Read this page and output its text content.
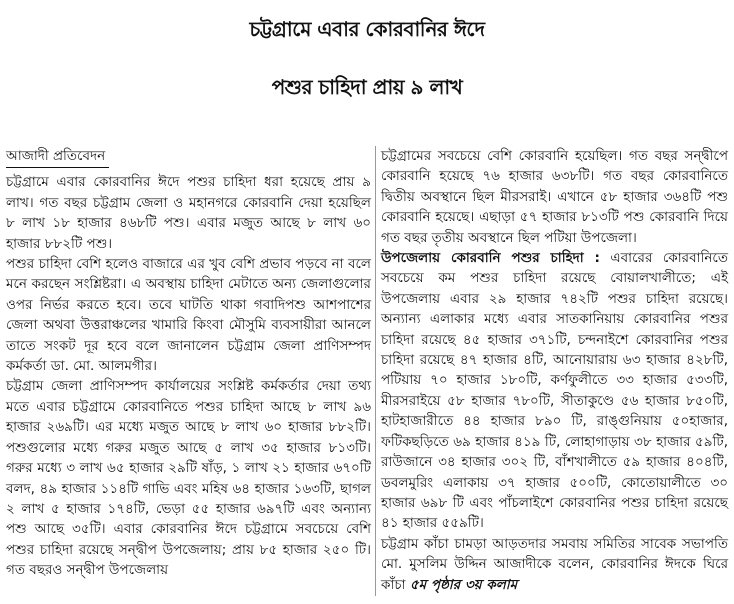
চট্টগ্রামে এবার কোরবানির ঈদে
পশুর চাহিদা প্রায় ৯ লাখ
আজাদী প্রতিবেদন

চট্টগ্রামে এবার কোরবানির ঈদে পশুর চাহিদা ধরা হয়েছে প্রায় ৯ লাখ। গত বছর চট্টগ্রাম জেলা ও মহানগরে কোরবানি দেয়া হয়েছিল ৮ লাখ ১৮ হাজার ৪৬৮টি পশু। এবার মজুত আছে ৮ লাখ ৬০ হাজার ৮৮২টি পশু।

পশুর চাহিদা বেশি হলেও বাজারে এর খুব বেশি প্রভাব পড়বে না বলে মনে করছেন সংশ্লিষ্টরা। এ অবস্থায় চাহিদা মেটাতে অন্য জেলাগুলোর ওপর নির্ভর করতে হবে। তবে ঘাটতি থাকা গবাদিপশু আশপাশের জেলা অথবা উত্তরাঞ্চলের খামারি কিংবা মৌসুমি ব্যবসায়ীরা আনলে তাতে সংকট দূর হবে বলে জানালেন চট্টগ্রাম জেলা প্রাণিসম্পদ কর্মকর্তা ডা. মো. আলমগীর।

চট্টগ্রাম জেলা প্রাণিসম্পদ কার্যালয়ের সংশ্লিষ্ট কর্মকর্তার দেয়া তথ্য মতে এবার চট্টগ্রামে কোরবানিতে পশুর চাহিদা আছে ৮ লাখ ৯৬ হাজার ২৬৯টি। এর মধ্যে মজুত আছে ৮ লাখ ৬০ হাজার ৮৮২টি। পশুগুলোর মধ্যে গরুর মজুত আছে ৫ লাখ ৩৫ হাজার ৮১৩টি। গরুর মধ্যে ৩ লাখ ৬৫ হাজার ২৯টি ষাঁড়, ১ লাখ ২১ হাজার ৬৭০টি বলদ, ৪৯ হাজার ১১৪টি গাভি এবং মহিষ ৬৪ হাজার ১৬৩টি, ছাগল ২ লাখ ৫ হাজার ১৭৪টি, ভেড়া ৫৫ হাজার ৬৯৭টি এবং অন্যান্য পশু আছে ৩৫টি। এবার কোরবানির ঈদে চট্টগ্রামে সবচেয়ে বেশি পশুর চাহিদা রয়েছে সন্দ্বীপ উপজেলায়; প্রায় ৮৫ হাজার ২৫০ টি। গত বছরও সন্দ্বীপ উপজেলায়

চট্টগ্রামের সবচেয়ে বেশি কোরবানি হয়েছিল। গত বছর সন্দ্বীপে কোরবানি হয়েছে ৭৬ হাজার ৬৩৮টি। গত বছর কোরবানিতে দ্বিতীয় অবস্থানে ছিল মীরসরাই। এখানে ৫৮ হাজার ৩৬৪টি পশু কোরবানি হয়েছে। এছাড়া ৫৭ হাজার ৮১৩টি পশু কোরবানি দিয়ে গত বছর তৃতীয় অবস্থানে ছিল পটিয়া উপজেলা।

উপজেলায় কোরবানি পশুর চাহিদা : এবারের কোরবানিতে সবচেয়ে কম পশুর চাহিদা রয়েছে বোয়ালখালীতে; এই উপজেলায় এবার ২৯ হাজার ৭৪২টি পশুর চাহিদা রয়েছে। অন্যান্য এলাকার মধ্যে এবার সাতকানিয়ায় কোরবানির পশুর চাহিদা রয়েছে ৪৫ হাজার ৩৭১টি, চন্দনাইশে কোরবানির পশুর চাহিদা রয়েছে ৪৭ হাজার ৪টি, আনোয়ারায় ৬৩ হাজার ৪২৮টি, পটিয়ায় ৭০ হাজার ১৮০টি, কর্ণফুলীতে ৩৩ হাজার ৫৩৩টি, মীরসরাইয়ে ৫৮ হাজার ৭৮০টি, সীতাকুণ্ডে ৫৬ হাজার ৮৫০টি, হাটহাজারীতে ৪৪ হাজার ৮৯০ টি, রাঙ্গুনিয়ায় ৫০হাজার, ফটিকছড়িতে ৬৯ হাজার ৪১৯ টি, লোহাগাড়ায় ৩৮ হাজার ৫৯টি, রাউজানে ৩৪ হাজার ৩০২ টি, বাঁশখালীতে ৫৯ হাজার ৪০৪টি, ডবলমুরিং এলাকায় ৩৭ হাজার ৫০০টি, কোতোয়ালীতে ৩০ হাজার ৬৯৮ টি এবং পাঁচলাইশে কোরবানির পশুর চাহিদা রয়েছে ৪১ হাজার ৫৫৯টি।

চট্টগ্রাম কাঁচা চামড়া আড়তদার সমবায় সমিতির সাবেক সভাপতি মো. মুসলিম উদ্দিন আজাদীকে বলেন, কোরবানির ঈদকে ঘিরে কাঁচা ৫ম পৃষ্ঠার ৩য় কলাম
